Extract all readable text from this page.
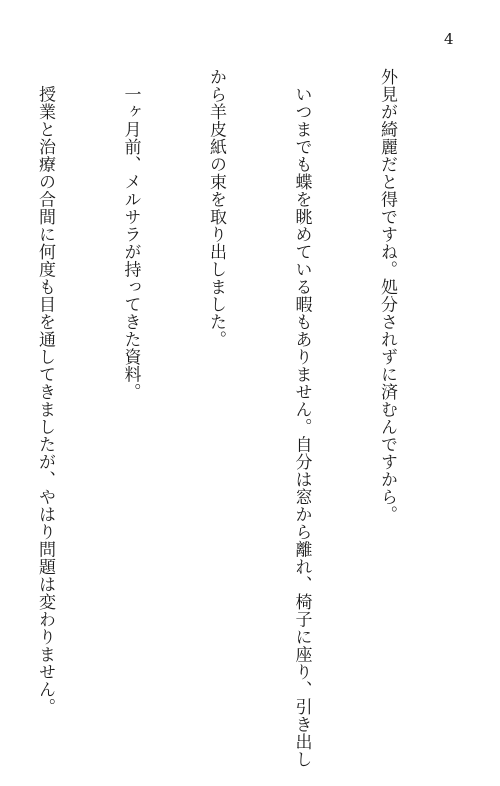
4

外見が綺麗だと得ですね。処分されずに済むんですから。

　いつまでも蝶を眺めている暇もありません。自分は窓から離れ、椅子に座り、引き出し

から羊皮紙の束を取り出しました。

　一ヶ月前、メルサラが持ってきた資料。

　授業と治療の合間に何度も目を通してきましたが、やはり問題は変わりません。
